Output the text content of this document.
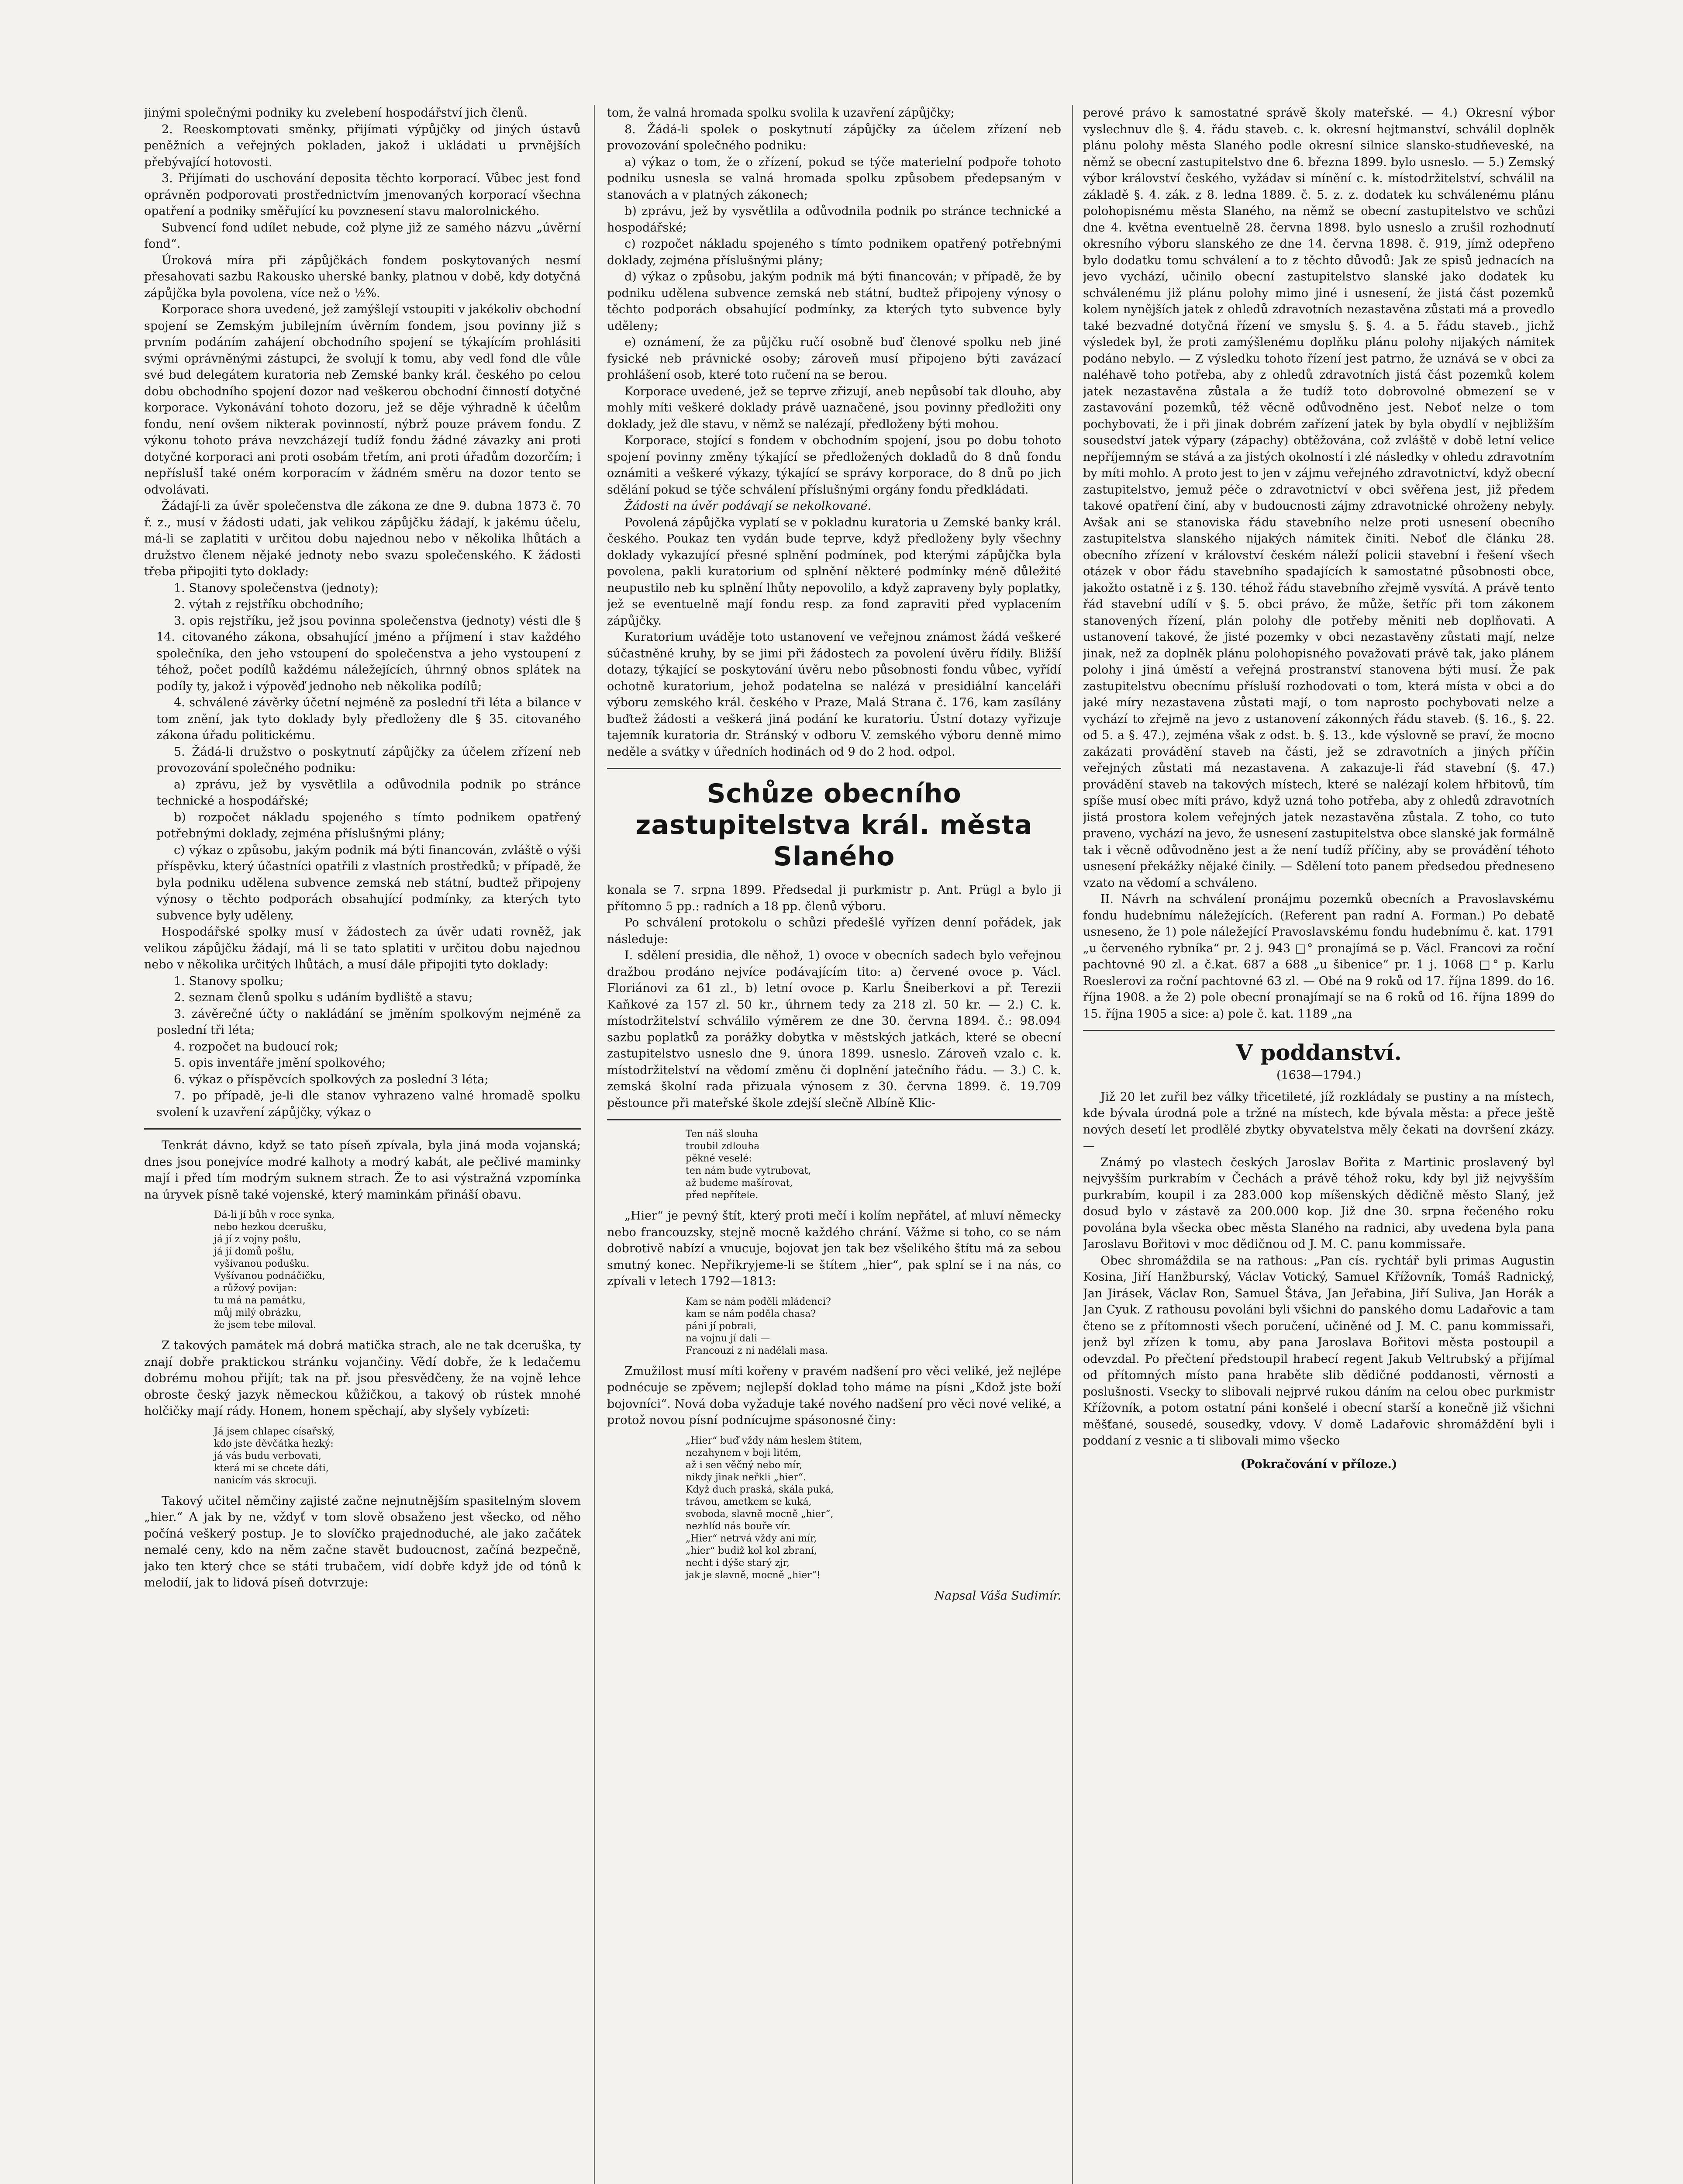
jinými společnými podniky ku zvelebení hospodářství jich členů.

2. Reeskomptovati směnky, přijímati výpůjčky od jiných ústavů peněžních a veřejných pokladen, jakož i ukládati u prvnějších přebývající hotovosti.

3. Přijímati do uschování deposita těchto korporací. Vůbec jest fond oprávněn podporovati prostřednictvím jmenovaných korporací všechna opatření a podniky směřující ku povznesení stavu malorolnického.

Subvencí fond udílet nebude, což plyne již ze samého názvu „úvěrní fond“.

Úroková míra při zápůjčkách fondem poskytovaných nesmí přesahovati sazbu Rakousko uherské banky, platnou v době, kdy dotyčná zápůjčka byla povolena, více než o ½%.

Korporace shora uvedené, jež zamýšlejí vstoupiti v jakékoliv obchodní spojení se Zemským jubilejním úvěrním fondem, jsou povinny již s prvním podáním zahájení obchodního spojení se týkajícím prohlásiti svými oprávněnými zástupci, že svolují k tomu, aby vedl fond dle vůle své bud delegátem kuratoria neb Zemské banky král. českého po celou dobu obchodního spojení dozor nad veškerou obchodní činností dotyčné korporace. Vykonávání tohoto dozoru, jež se děje výhradně k účelům fondu, není ovšem nikterak povinností, nýbrž pouze právem fondu. Z výkonu tohoto práva nevzcházejí tudíž fondu žádné závazky ani proti dotyčné korporaci ani proti osobám třetím, ani proti úřadům dozorčím; i nepříslušÍ také oném korporacím v žádném směru na dozor tento se odvolávati.

Žádají-li za úvěr společenstva dle zákona ze dne 9. dubna 1873 č. 70 ř. z., musí v žádosti udati, jak velikou zápůjčku žádají, k jakému účelu, má-li se zaplatiti v určitou dobu najednou nebo v několika lhůtách a družstvo členem nějaké jednoty nebo svazu společenského. K žádosti třeba připojiti tyto doklady:

1. Stanovy společenstva (jednoty);

2. výtah z rejstříku obchodního;

3. opis rejstříku, jež jsou povinna společenstva (jednoty) vésti dle § 14. citovaného zákona, obsahující jméno a příjmení i stav každého společníka, den jeho vstoupení do společenstva a jeho vystoupení z téhož, počet podílů každému náležejících, úhrnný obnos splátek na podíly ty, jakož i výpověď jednoho neb několika podílů;

4. schválené závěrky účetní nejméně za poslední tři léta a bilance v tom znění, jak tyto doklady byly předloženy dle § 35. citovaného zákona úřadu politickému.

5. Žádá-li družstvo o poskytnutí zápůjčky za účelem zřízení neb provozování společného podniku:

a) zprávu, jež by vysvětlila a odůvodnila podnik po stránce technické a hospodářské;

b) rozpočet nákladu spojeného s tímto podnikem opatřený potřebnými doklady, zejména příslušnými plány;

c) výkaz o způsobu, jakým podnik má býti financován, zvláště o výši příspěvku, který účastníci opatřili z vlastních prostředků; v případě, že byla podniku udělena subvence zemská neb státní, budtež připojeny výnosy o těchto podporách obsahující podmínky, za kterých tyto subvence byly uděleny.

Hospodářské spolky musí v žádostech za úvěr udati rovněž, jak velikou zápůjčku žádají, má li se tato splatiti v určitou dobu najednou nebo v několika určitých lhůtách, a musí dále připojiti tyto doklady:

1. Stanovy spolku;

2. seznam členů spolku s udáním bydliště a stavu;

3. závěrečné účty o nakládání se jměním spolkovým nejméně za poslední tři léta;

4. rozpočet na budoucí rok;

5. opis inventáře jmění spolkového;

6. výkaz o příspěvcích spolkových za poslední 3 léta;

7. po případě, je-li dle stanov vyhrazeno valné hromadě spolku svolení k uzavření zápůjčky, výkaz o

Tenkrát dávno, když se tato píseň zpívala, byla jiná moda vojanská; dnes jsou ponejvíce modré kalhoty a modrý kabát, ale pečlivé maminky mají i před tím modrým suknem strach. Že to asi výstražná vzpomínka na úryvek písně také vojenské, který maminkám přináší obavu.

Dá-li jí bůh v roce synka,
nebo hezkou dcerušku,
já jí z vojny pošlu,
já jí domů pošlu,
vyšívanou podušku.
Vyšívanou podnáčičku,
a růžový povijan:
tu má na památku,
můj milý obrázku,
že jsem tebe miloval.

Z takových památek má dobrá matička strach, ale ne tak dceruška, ty znají dobře praktickou stránku vojančiny. Vědí dobře, že k ledačemu dobrému mohou přijít; tak na př. jsou přesvědčeny, že na vojně lehce obroste český jazyk německou kůžičkou, a takový ob rústek mnohé holčičky mají rády. Honem, honem spěchají, aby slyšely vybízeti:

Já jsem chlapec císařský,
kdo jste děvčátka hezký:
já vás budu verbovati,
která mi se chcete dáti,
nanicím vás skrocuji.

Takový učitel němčiny zajisté začne nejnutnějším spasitelným slovem „hier.“ A jak by ne, vždyť v tom slově obsaženo jest všecko, od něho počíná veškerý postup. Je to slovíčko prajednoduché, ale jako začátek nemalé ceny, kdo na něm začne stavět budoucnost, začíná bezpečně, jako ten který chce se státi trubačem, vidí dobře když jde od tónů k melodií, jak to lidová píseň dotvrzuje:

tom, že valná hromada spolku svolila k uzavření zápůjčky;

8. Žádá-li spolek o poskytnutí zápůjčky za účelem zřízení neb provozování společného podniku:

a) výkaz o tom, že o zřízení, pokud se týče materielní podpoře tohoto podniku usnesla se valná hromada spolku způsobem předepsaným v stanovách a v platných zákonech;

b) zprávu, jež by vysvětlila a odůvodnila podnik po stránce technické a hospodářské;

c) rozpočet nákladu spojeného s tímto podnikem opatřený potřebnými doklady, zejména příslušnými plány;

d) výkaz o způsobu, jakým podnik má býti financován; v případě, že by podniku udělena subvence zemská neb státní, budtež připojeny výnosy o těchto podporách obsahující podmínky, za kterých tyto subvence byly uděleny;

e) oznámení, že za půjčku ručí osobně buď členové spolku neb jiné fysické neb právnické osoby; zároveň musí připojeno býti zavázací prohlášení osob, které toto ručení na se berou.

Korporace uvedené, jež se teprve zřizují, aneb nepůsobí tak dlouho, aby mohly míti veškeré doklady právě uaznačené, jsou povinny předložiti ony doklady, jež dle stavu, v němž se nalézají, předloženy býti mohou.

Korporace, stojící s fondem v obchodním spojení, jsou po dobu tohoto spojení povinny změny týkající se předložených dokladů do 8 dnů fondu oznámiti a veškeré výkazy, týkající se správy korporace, do 8 dnů po jich sdělání pokud se týče schválení příslušnými orgány fondu předkládati.

Žádosti na úvěr podávají se nekolkované.

Povolená zápůjčka vyplatí se v pokladnu kuratoria u Zemské banky král. českého. Poukaz ten vydán bude teprve, když předloženy byly všechny doklady vykazující přesné splnění podmínek, pod kterými zápůjčka byla povolena, pakli kuratorium od splnění některé podmínky méně důležité neupustilo neb ku splnění lhůty nepovolilo, a když zapraveny byly poplatky, jež se eventuelně mají fondu resp. za fond zapraviti před vyplacením zápůjčky.

Kuratorium uváděje toto ustanovení ve veřejnou známost žádá veškeré súčastněné kruhy, by se jimi při žádostech za povolení úvěru řídily. Bližší dotazy, týkající se poskytování úvěru nebo působnosti fondu vůbec, vyřídí ochotně kuratorium, jehož podatelna se nalézá v presidiální kanceláři výboru zemského král. českého v Praze, Malá Strana č. 176, kam zasílány buďtež žádosti a veškerá jiná podání ke kuratoriu. Ústní dotazy vyřizuje tajemník kuratoria dr. Stránský v odboru V. zemského výboru denně mimo neděle a svátky v úředních hodinách od 9 do 2 hod. odpol.

Schůze obecního zastupitelstva král. města Slaného

konala se 7. srpna 1899. Předsedal ji purkmistr p. Ant. Prügl a bylo ji přítomno 5 pp.: radních a 18 pp. členů výboru.

Po schválení protokolu o schůzi předešlé vyřízen denní pořádek, jak následuje:

I. sdělení presidia, dle něhož, 1) ovoce v obecních sadech bylo veřejnou dražbou prodáno nejvíce podávajícím tito: a) červené ovoce p. Václ. Floriánovi za 61 zl., b) letní ovoce p. Karlu Šneiberkovi a př. Terezii Kaňkové za 157 zl. 50 kr., úhrnem tedy za 218 zl. 50 kr. — 2.) C. k. místodržitelství schválilo výměrem ze dne 30. června 1894. č.: 98.094 sazbu poplatků za porážky dobytka v městských jatkách, které se obecní zastupitelstvo usneslo dne 9. února 1899. usneslo. Zároveň vzalo c. k. místodržitelství na vědomí změnu či doplnění jatečního řádu. — 3.) C. k. zemská školní rada přizuala výnosem z 30. června 1899. č. 19.709 pěstounce při mateřské škole zdejší slečně Albíně Klic-

Ten náš slouha
troubil zdlouha
pěkné veselé:
ten nám bude vytrubovat,
až budeme mašírovat,
před nepřítele.

„Hier“ je pevný štít, který proti mečí i kolím nepřátel, ať mluví německy nebo francouzsky, stejně mocně každého chrání. Vážme si toho, co se nám dobrotivě nabízí a vnucuje, bojovat jen tak bez všelikého štítu má za sebou smutný konec. Nepřikryjeme-li se štítem „hier“, pak splní se i na nás, co zpívali v letech 1792—1813:

Kam se nám poděli mládenci?
kam se nám poděla chasa?
páni jí pobrali,
na vojnu jí dali —
Francouzi z ní nadělali masa.

Zmužilost musí míti kořeny v pravém nadšení pro věci veliké, jež nejlépe podnécuje se zpěvem; nejlepší doklad toho máme na písni „Kdož jste boží bojovníci“. Nová doba vyžaduje také nového nadšení pro věci nové veliké, a protož novou písní podnícujme spásonosné činy:

„Hier“ buď vždy nám heslem štítem,
nezahynem v boji litém,
až i sen věčný nebo mír,
nikdy jinak neřkli „hier“.
Když duch praská, skála puká,
trávou, ametkem se kuká,
svoboda, slavně mocně „hier“,
nezhlíd nás bouře vír.
„Hier“ netrvá vždy ani mír,
„hier“ budiž kol kol zbraní,
necht i dýše starý zjr,
jak je slavně, mocně „hier“!

Napsal Váša Sudimír.

perové právo k samostatné správě školy mateřské. — 4.) Okresní výbor vyslechnuv dle §. 4. řádu staveb. c. k. okresní hejtmanství, schválil doplněk plánu polohy města Slaného podle okresní silnice slansko-studňeveské, na němž se obecní zastupitelstvo dne 6. března 1899. bylo usneslo. — 5.) Zemský výbor království českého, vyžádav si mínění c. k. místodržitelství, schválil na základě §. 4. zák. z 8. ledna 1889. č. 5. z. z. dodatek ku schválenému plánu polohopisnému města Slaného, na němž se obecní zastupitelstvo ve schůzi dne 4. května eventuelně 28. června 1898. bylo usneslo a zrušil rozhodnutí okresního výboru slanského ze dne 14. června 1898. č. 919, jímž odepřeno bylo dodatku tomu schválení a to z těchto důvodů: Jak ze spisů jednacích na jevo vychází, učinilo obecní zastupitelstvo slanské jako dodatek ku schválenému již plánu polohy mimo jiné i usnesení, že jistá část pozemků kolem nynějších jatek z ohledů zdravotních nezastavěna zůstati má a provedlo také bezvadné dotyčná řízení ve smyslu §. §. 4. a 5. řádu staveb., jichž výsledek byl, že proti zamýšlenému doplňku plánu polohy nijakých námitek podáno nebylo. — Z výsledku tohoto řízení jest patrno, že uznává se v obci za naléhavě toho potřeba, aby z ohledů zdravotních jistá část pozemků kolem jatek nezastavěna zůstala a že tudíž toto dobrovolné obmezení se v zastavování pozemků, též věcně odůvodněno jest. Neboť nelze o tom pochybovati, že i při jinak dobrém zařízení jatek by byla obydlí v nejbližším sousedství jatek výpary (zápachy) obtěžována, což zvláště v době letní velice nepříjemným se stává a za jistých okolností i zlé následky v ohledu zdravotním by míti mohlo. A proto jest to jen v zájmu veřejného zdravotnictví, když obecní zastupitelstvo, jemuž péče o zdravotnictví v obci svěřena jest, již předem takové opatření činí, aby v budoucnosti zájmy zdravotnické ohroženy nebyly. Avšak ani se stanoviska řádu stavebního nelze proti usnesení obecního zastupitelstva slanského nijakých námitek činiti. Neboť dle článku 28. obecního zřízení v království českém náleží policii stavební i řešení všech otázek v obor řádu stavebního spadajících k samostatné působnosti obce, jakožto ostatně i z §. 130. téhož řádu stavebního zřejmě vysvítá. A právě tento řád stavební udílí v §. 5. obci právo, že může, šetříc při tom zákonem stanovených řízení, plán polohy dle potřeby měniti neb doplňovati. A ustanovení takové, že jisté pozemky v obci nezastavěny zůstati mají, nelze jinak, než za doplněk plánu polohopisného považovati právě tak, jako plánem polohy i jiná úměstí a veřejná prostranství stanovena býti musí. Že pak zastupitelstvu obecnímu přísluší rozhodovati o tom, která místa v obci a do jaké míry nezastavena zůstati mají, o tom naprosto pochybovati nelze a vychází to zřejmě na jevo z ustanovení zákonných řádu staveb. (§. 16., §. 22. od 5. a §. 47.), zejména však z odst. b. §. 13., kde výslovně se praví, že mocno zakázati provádění staveb na části, jež se zdravotních a jiných příčin veřejných zůstati má nezastavena. A zakazuje-li řád stavební (§. 47.) provádění staveb na takových místech, které se nalézají kolem hřbitovů, tím spíše musí obec míti právo, když uzná toho potřeba, aby z ohledů zdravotních jistá prostora kolem veřejných jatek nezastavěna zůstala. Z toho, co tuto praveno, vychází na jevo, že usnesení zastupitelstva obce slanské jak formálně tak i věcně odůvodněno jest a že není tudíž příčiny, aby se provádění téhoto usnesení překážky nějaké činily. — Sdělení toto panem předsedou předneseno vzato na vědomí a schváleno.

II. Návrh na schválení pronájmu pozemků obecních a Pravoslavskému fondu hudebnímu náležejících. (Referent pan radní A. Forman.) Po debatě usneseno, že 1) pole náležející Pravoslavskému fondu hudebnímu č. kat. 1791 „u červeného rybníka“ pr. 2 j. 943 □° pronajímá se p. Václ. Francovi za roční pachtovné 90 zl. a č.kat. 687 a 688 „u šibenice“ pr. 1 j. 1068 □° p. Karlu Roeslerovi za roční pachtovné 63 zl. — Obé na 9 roků od 17. října 1899. do 16. října 1908. a že 2) pole obecní pronajímají se na 6 roků od 16. října 1899 do 15. října 1905 a sice: a) pole č. kat. 1189 „na

V poddanství.
(1638—1794.)

Již 20 let zuřil bez války třicetileté, jíž rozkládaly se pustiny a na místech, kde bývala úrodná pole a tržné na místech, kde bývala města: a přece ještě nových desetí let prodlělé zbytky obyvatelstva měly čekati na dovršení zkázy. —

Známý po vlastech českých Jaroslav Bořita z Martinic proslavený byl nejvyšším purkrabím v Čechách a právě téhož roku, kdy byl již nejvyšším purkrabím, koupil i za 283.000 kop míšenských dědičně město Slaný, jež dosud bylo v zástavě za 200.000 kop. Již dne 30. srpna řečeného roku povolána byla všecka obec města Slaného na radnici, aby uvedena byla pana Jaroslavu Bořitovi v moc dědičnou od J. M. C. panu kommissaře.

Obec shromáždila se na rathous: „Pan cís. rychtář byli primas Augustin Kosina, Jiří Hanžburský, Václav Votický, Samuel Křížovník, Tomáš Radnický, Jan Jirásek, Václav Ron, Samuel Štáva, Jan Jeřabina, Jiří Suliva, Jan Horák a Jan Cyuk. Z rathousu povoláni byli všichni do panského domu Ladařovic a tam čteno se z přítomnosti všech poručení, učiněné od J. M. C. panu kommissaři, jenž byl zřízen k tomu, aby pana Jaroslava Bořitovi města postoupil a odevzdal. Po přečtení předstoupil hrabecí regent Jakub Veltrubský a přijímal od přítomných místo pana hraběte slib dědičné poddanosti, věrnosti a poslušnosti. Vsecky to slibovali nejprvé rukou dáním na celou obec purkmistr Křížovník, a potom ostatní páni konšelé i obecní starší a konečně již všichni měšťané, sousedé, sousedky, vdovy. V domě Ladařovic shromáždění byli i poddaní z vesnic a ti slibovali mimo všecko

(Pokračování v příloze.)
